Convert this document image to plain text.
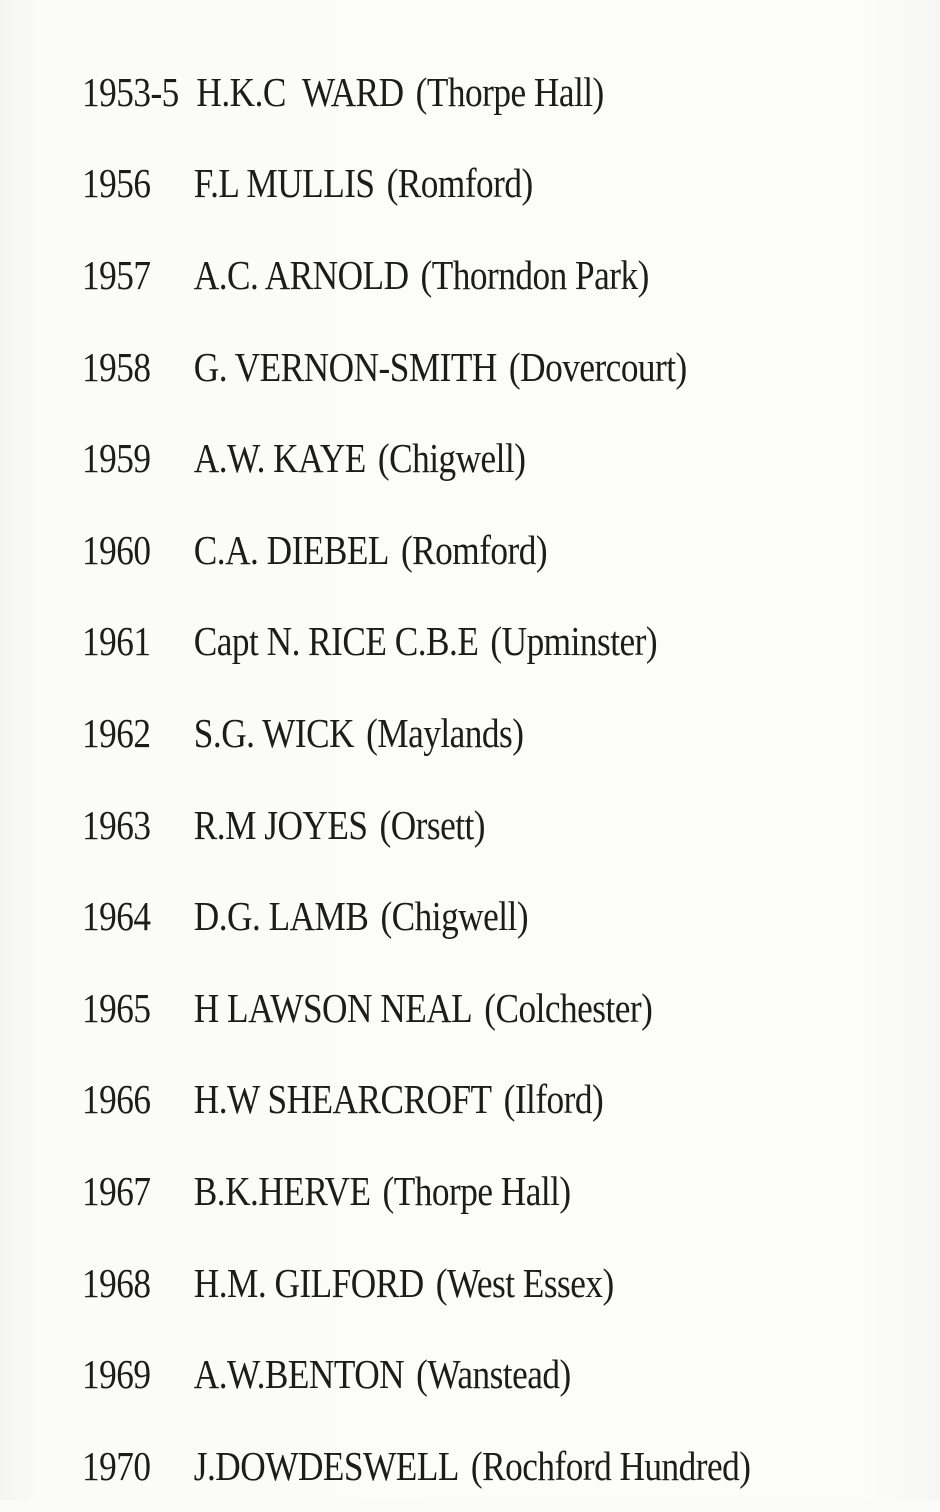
1953-5 H.K.C  WARD (Thorpe Hall)
1956	F.L MULLIS (Romford)
1957	A.C. ARNOLD (Thorndon Park)
1958	G. VERNON-SMITH (Dovercourt)
1959	A.W. KAYE (Chigwell)
1960	C.A. DIEBEL (Romford)
1961	Capt N. RICE C.B.E (Upminster)
1962	S.G. WICK (Maylands)
1963	R.M JOYES (Orsett)
1964	D.G. LAMB (Chigwell)
1965	H LAWSON NEAL (Colchester)
1966	H.W SHEARCROFT (Ilford)
1967	B.K.HERVE (Thorpe Hall)
1968	H.M. GILFORD (West Essex)
1969	A.W.BENTON (Wanstead)
1970	J.DOWDESWELL (Rochford Hundred)
